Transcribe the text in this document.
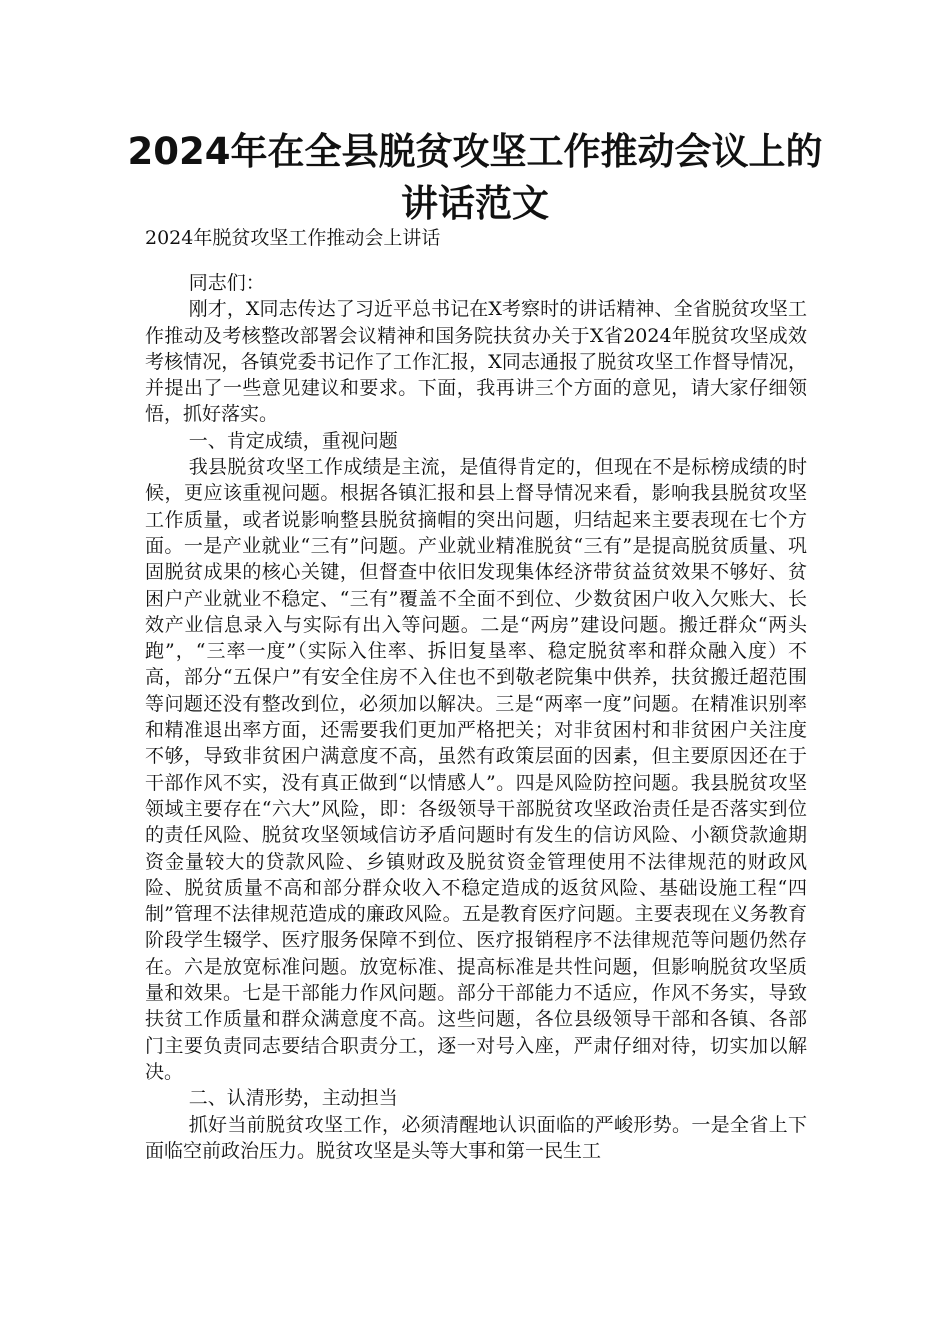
2024年在全县脱贫攻坚工作推动会议上的讲话范文
2024年脱贫攻坚工作推动会上讲话

同志们：

刚才，X同志传达了习近平总书记在X考察时的讲话精神、全省脱贫攻坚工作推动及考核整改部署会议精神和国务院扶贫办关于X省2024年脱贫攻坚成效考核情况，各镇党委书记作了工作汇报，X同志通报了脱贫攻坚工作督导情况，并提出了一些意见建议和要求。下面，我再讲三个方面的意见，请大家仔细领悟，抓好落实。

一、肯定成绩，重视问题

我县脱贫攻坚工作成绩是主流，是值得肯定的，但现在不是标榜成绩的时候，更应该重视问题。根据各镇汇报和县上督导情况来看，影响我县脱贫攻坚工作质量，或者说影响整县脱贫摘帽的突出问题，归结起来主要表现在七个方面。一是产业就业“三有”问题。产业就业精准脱贫“三有”是提高脱贫质量、巩固脱贫成果的核心关键，但督查中依旧发现集体经济带贫益贫效果不够好、贫困户产业就业不稳定、“三有”覆盖不全面不到位、少数贫困户收入欠账大、长效产业信息录入与实际有出入等问题。二是“两房”建设问题。搬迁群众“两头跑”，“三率一度”（实际入住率、拆旧复垦率、稳定脱贫率和群众融入度）不高，部分“五保户”有安全住房不入住也不到敬老院集中供养，扶贫搬迁超范围等问题还没有整改到位，必须加以解决。三是“两率一度”问题。在精准识别率和精准退出率方面，还需要我们更加严格把关；对非贫困村和非贫困户关注度不够，导致非贫困户满意度不高，虽然有政策层面的因素，但主要原因还在于干部作风不实，没有真正做到“以情感人”。四是风险防控问题。我县脱贫攻坚领域主要存在“六大”风险，即：各级领导干部脱贫攻坚政治责任是否落实到位的责任风险、脱贫攻坚领域信访矛盾问题时有发生的信访风险、小额贷款逾期资金量较大的贷款风险、乡镇财政及脱贫资金管理使用不法律规范的财政风险、脱贫质量不高和部分群众收入不稳定造成的返贫风险、基础设施工程“四制”管理不法律规范造成的廉政风险。五是教育医疗问题。主要表现在义务教育阶段学生辍学、医疗服务保障不到位、医疗报销程序不法律规范等问题仍然存在。六是放宽标准问题。放宽标准、提高标准是共性问题，但影响脱贫攻坚质量和效果。七是干部能力作风问题。部分干部能力不适应，作风不务实，导致扶贫工作质量和群众满意度不高。这些问题，各位县级领导干部和各镇、各部门主要负责同志要结合职责分工，逐一对号入座，严肃仔细对待，切实加以解决。

二、认清形势，主动担当

抓好当前脱贫攻坚工作，必须清醒地认识面临的严峻形势。一是全省上下面临空前政治压力。脱贫攻坚是头等大事和第一民生工
